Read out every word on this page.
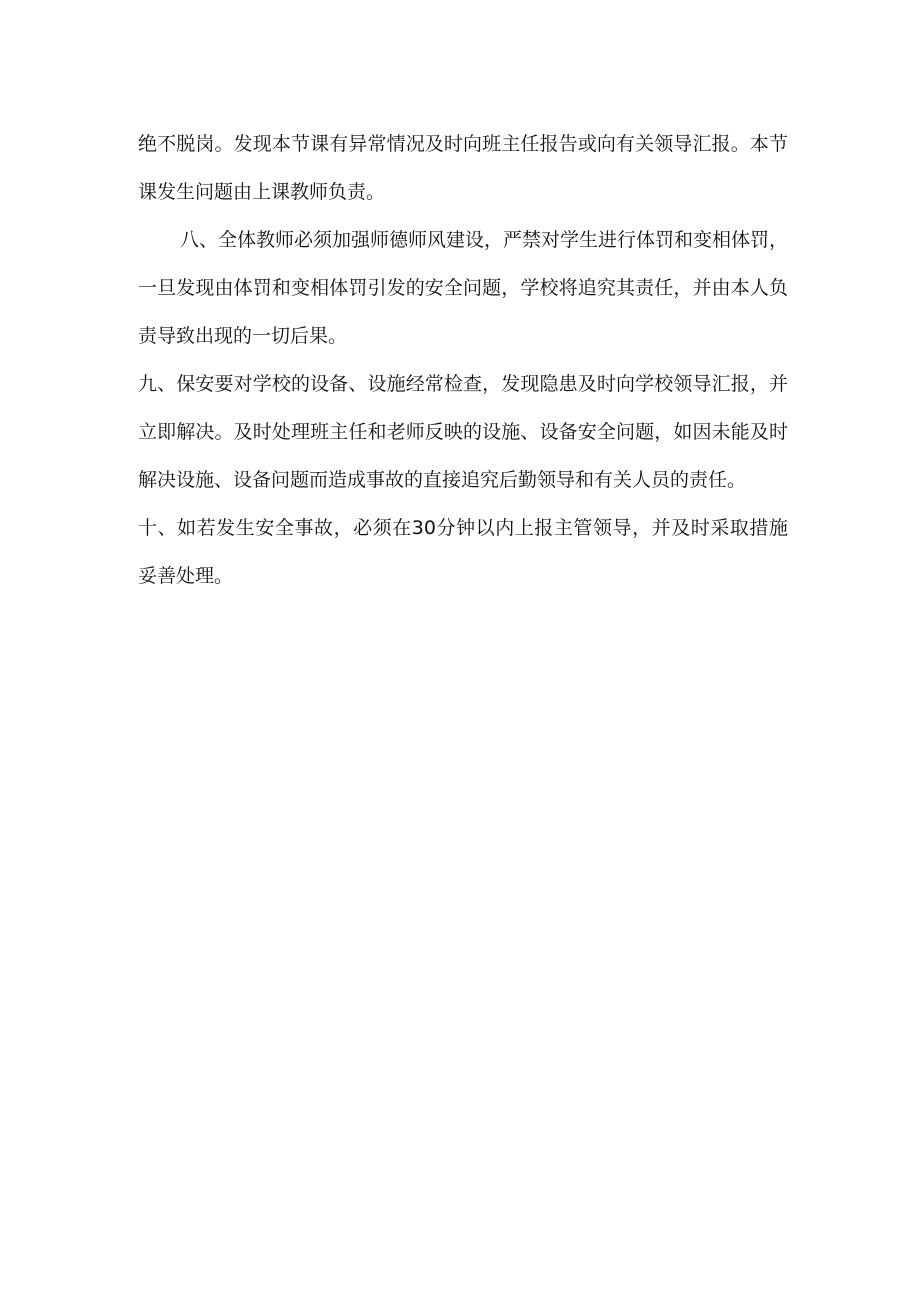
绝不脱岗。发现本节课有异常情况及时向班主任报告或向有关领导汇报。本节课发生问题由上课教师负责。

八、全体教师必须加强师德师风建设，严禁对学生进行体罚和变相体罚，一旦发现由体罚和变相体罚引发的安全问题，学校将追究其责任，并由本人负责导致出现的一切后果。

九、保安要对学校的设备、设施经常检查，发现隐患及时向学校领导汇报，并立即解决。及时处理班主任和老师反映的设施、设备安全问题，如因未能及时解决设施、设备问题而造成事故的直接追究后勤领导和有关人员的责任。

十、如若发生安全事故，必须在30分钟以内上报主管领导，并及时采取措施妥善处理。
